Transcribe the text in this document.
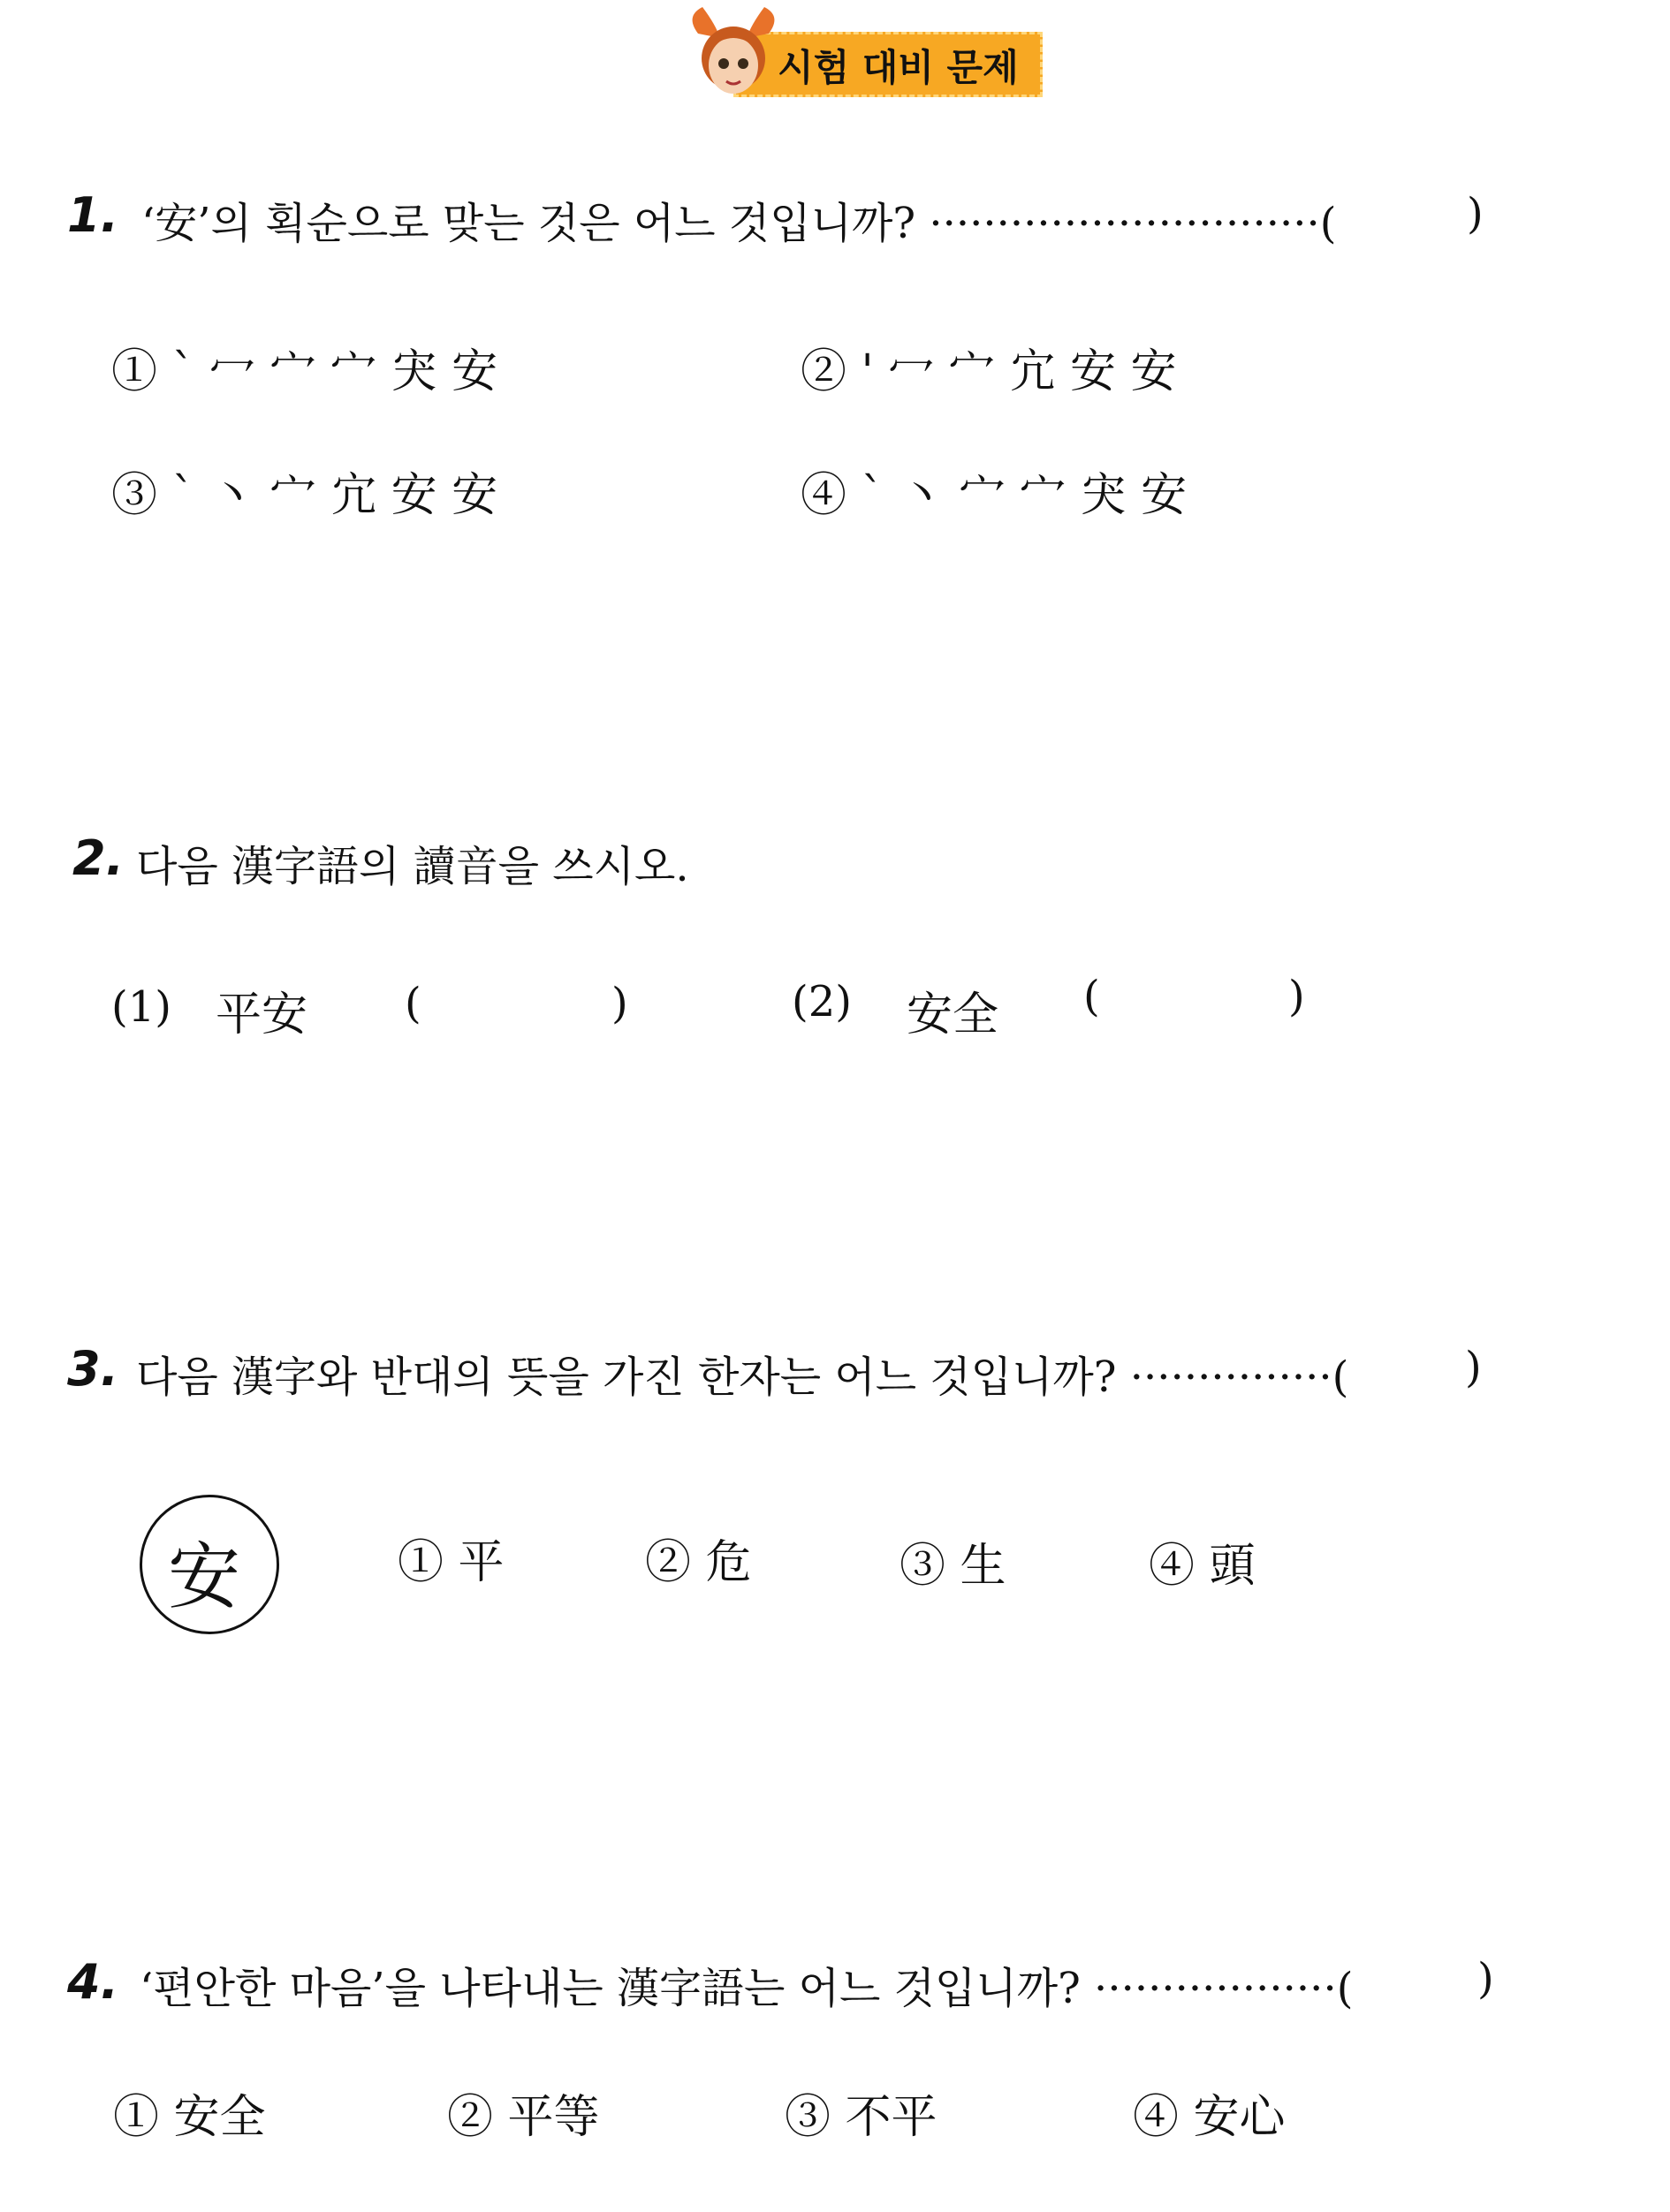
시험 대비 문제
1. ‘安’의 획순으로 맞는 것은 어느 것입니까? ·····························(	)
① ` 冖 宀 宀 宊 安	② ' 冖 宀 宂 安 安
③ ` 丶 宀 宂 安 安	④ ` 丶 宀 宀 宊 安
2. 다음 漢字語의 讀音을 쓰시오.
(1) 平安 (	)	(2) 安全 (	)
3. 다음 漢字와 반대의 뜻을 가진 한자는 어느 것입니까? ···············(	)
安	① 平	② 危	③ 生	④ 頭
4. ‘편안한 마음’을 나타내는 漢字語는 어느 것입니까? ··················(	)
① 安全	② 平等	③ 不平	④ 安心
